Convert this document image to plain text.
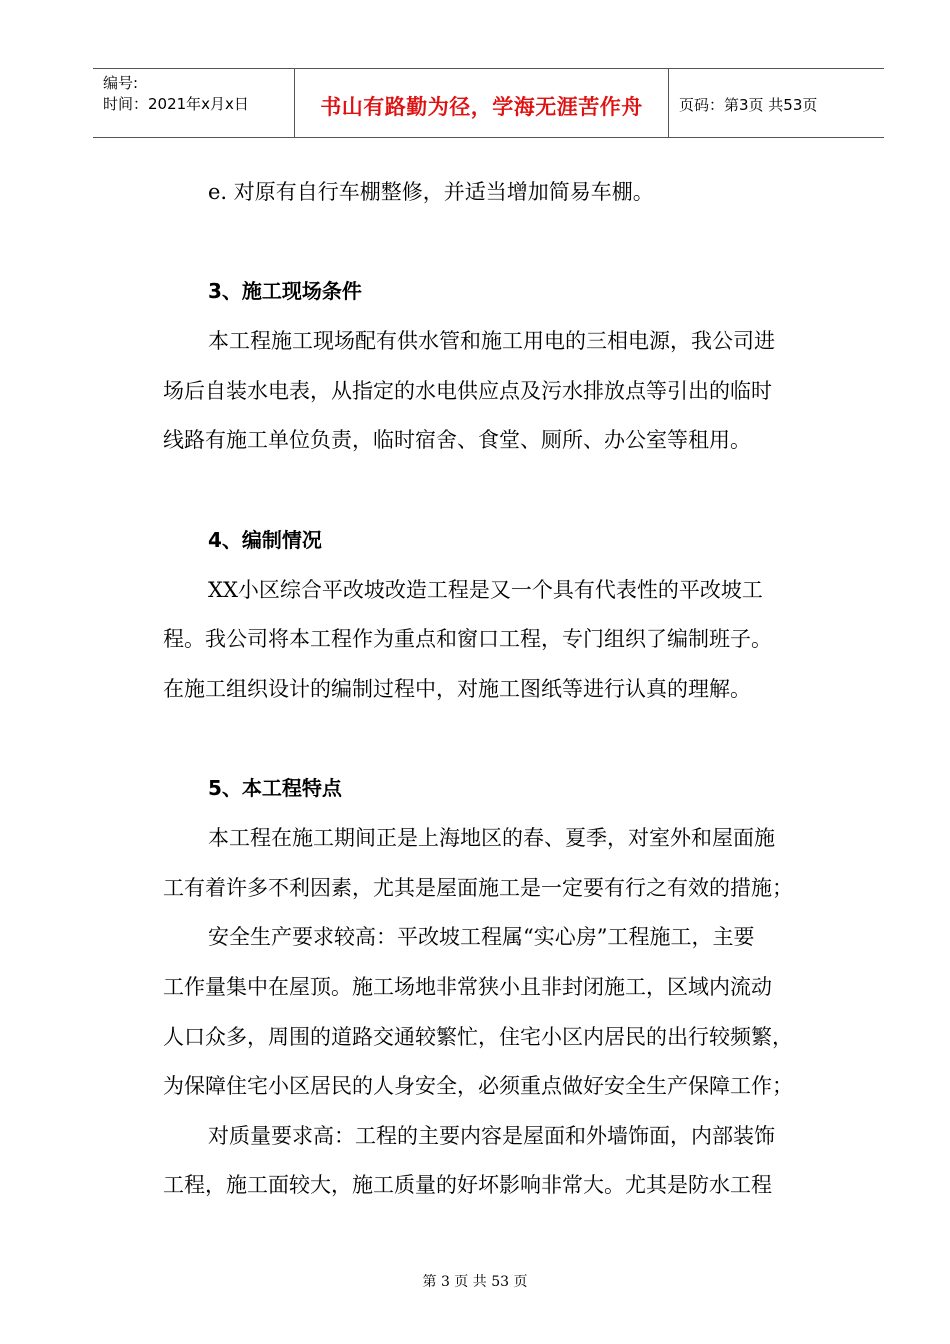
编号:
时间：2021年x月x日	书山有路勤为径，学海无涯苦作舟	页码：第3页 共53页
e. 对原有自行车棚整修，并适当增加简易车棚。
3、施工现场条件
本工程施工现场配有供水管和施工用电的三相电源，我公司进
场后自装水电表，从指定的水电供应点及污水排放点等引出的临时
线路有施工单位负责，临时宿舍、食堂、厕所、办公室等租用。
4、编制情况
XX小区综合平改坡改造工程是又一个具有代表性的平改坡工
程。我公司将本工程作为重点和窗口工程，专门组织了编制班子。
在施工组织设计的编制过程中，对施工图纸等进行认真的理解。
5、本工程特点
本工程在施工期间正是上海地区的春、夏季，对室外和屋面施
工有着许多不利因素，尤其是屋面施工是一定要有行之有效的措施；
安全生产要求较高：平改坡工程属“实心房”工程施工，主要
工作量集中在屋顶。施工场地非常狭小且非封闭施工，区域内流动
人口众多，周围的道路交通较繁忙，住宅小区内居民的出行较频繁，
为保障住宅小区居民的人身安全，必须重点做好安全生产保障工作；
对质量要求高：工程的主要内容是屋面和外墙饰面，内部装饰
工程，施工面较大，施工质量的好坏影响非常大。尤其是防水工程
第 3 页 共 53 页
